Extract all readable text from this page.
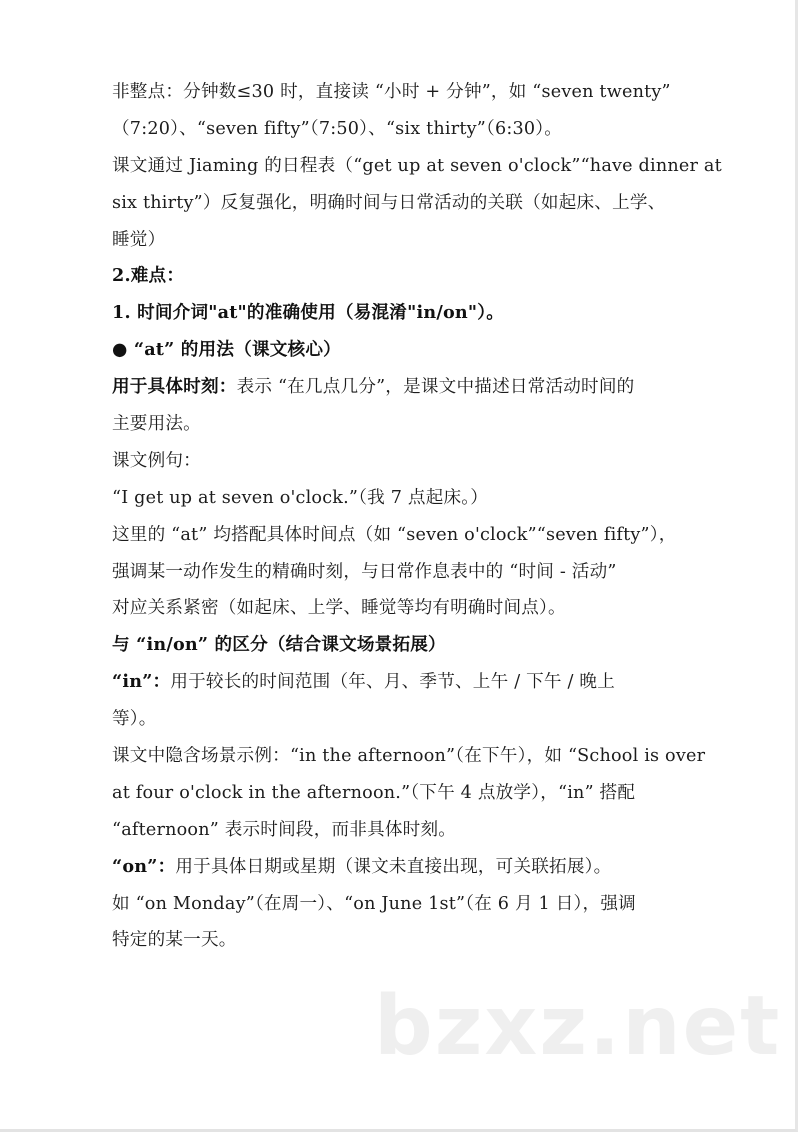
非整点：分钟数≤30 时，直接读 “小时 + 分钟”，如 “seven twenty”
（7:20）、“seven fifty”（7:50）、“six thirty”（6:30）。
课文通过 Jiaming 的日程表（“get up at seven o'clock”“have dinner at
six thirty”）反复强化，明确时间与日常活动的关联（如起床、上学、
睡觉）
2.难点：
1. 时间介词"at"的准确使用（易混淆"in/on"）。
● “at” 的用法（课文核心）
用于具体时刻：表示 “在几点几分”，是课文中描述日常活动时间的
主要用法。
课文例句：
“I get up at seven o'clock.”（我 7 点起床。）
这里的 “at” 均搭配具体时间点（如 “seven o'clock”“seven fifty”），
强调某一动作发生的精确时刻，与日常作息表中的 “时间 - 活动”
对应关系紧密（如起床、上学、睡觉等均有明确时间点）。
与 “in/on” 的区分（结合课文场景拓展）
“in”：用于较长的时间范围（年、月、季节、上午 / 下午 / 晚上
等）。
课文中隐含场景示例：“in the afternoon”（在下午），如 “School is over
at four o'clock in the afternoon.”（下午 4 点放学），“in” 搭配
“afternoon” 表示时间段，而非具体时刻。
“on”：用于具体日期或星期（课文未直接出现，可关联拓展）。
如 “on Monday”（在周一）、“on June 1st”（在 6 月 1 日），强调
特定的某一天。
bzxz.net
